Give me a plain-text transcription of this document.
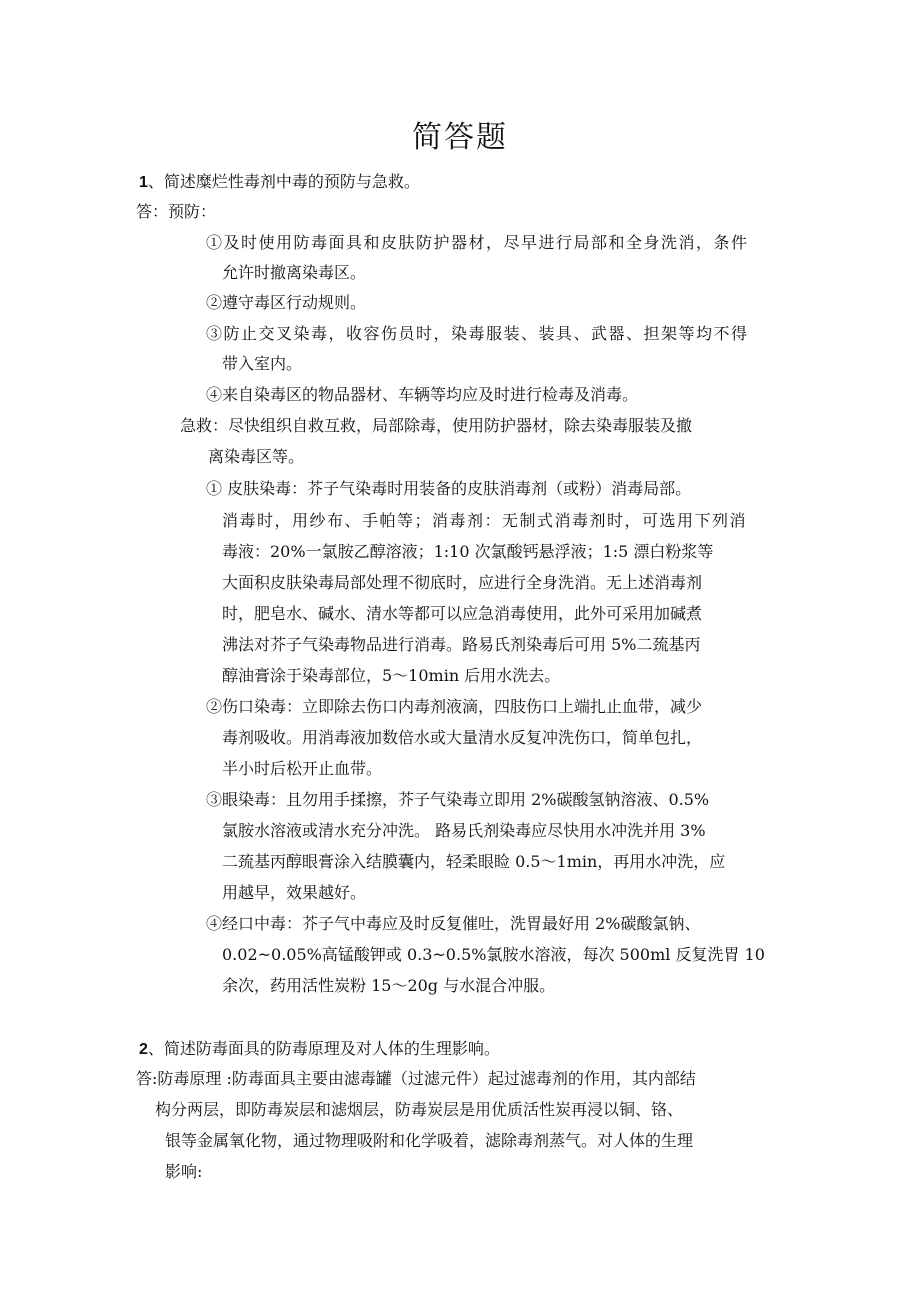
简答题
1、简述糜烂性毒剂中毒的预防与急救。
答：预防：
①及时使用防毒面具和皮肤防护器材，尽早进行局部和全身洗消，条件
允许时撤离染毒区。
②遵守毒区行动规则。
③防止交叉染毒，收容伤员时，染毒服装、装具、武器、担架等均不得
带入室内。
④来自染毒区的物品器材、车辆等均应及时进行检毒及消毒。
急救：尽快组织自救互救，局部除毒，使用防护器材，除去染毒服装及撤
离染毒区等。
① 皮肤染毒：芥子气染毒时用装备的皮肤消毒剂（或粉）消毒局部。
消毒时，用纱布、手帕等；消毒剂：无制式消毒剂时，可选用下列消
毒液：20%一氯胺乙醇溶液；1:10 次氯酸钙悬浮液；1:5 漂白粉浆等
大面积皮肤染毒局部处理不彻底时，应进行全身洗消。无上述消毒剂
时，肥皂水、碱水、清水等都可以应急消毒使用，此外可采用加碱煮
沸法对芥子气染毒物品进行消毒。路易氏剂染毒后可用 5%二巯基丙
醇油膏涂于染毒部位，5～10min 后用水洗去。
②伤口染毒：立即除去伤口内毒剂液滴，四肢伤口上端扎止血带，减少
毒剂吸收。用消毒液加数倍水或大量清水反复冲洗伤口，简单包扎，
半小时后松开止血带。
③眼染毒：且勿用手揉擦，芥子气染毒立即用 2%碳酸氢钠溶液、0.5%
氯胺水溶液或清水充分冲洗。 路易氏剂染毒应尽快用水冲洗并用 3%
二巯基丙醇眼膏涂入结膜囊内，轻柔眼睑 0.5～1min，再用水冲洗，应
用越早，效果越好。
④经口中毒：芥子气中毒应及时反复催吐，洗胃最好用 2%碳酸氯钠、
0.02~0.05%高锰酸钾或 0.3~0.5%氯胺水溶液，每次 500ml 反复洗胃 10
余次，药用活性炭粉 15～20g 与水混合冲服。
2、简述防毒面具的防毒原理及对人体的生理影响。
答:防毒原理 :防毒面具主要由滤毒罐（过滤元件）起过滤毒剂的作用，其内部结
构分两层，即防毒炭层和滤烟层，防毒炭层是用优质活性炭再浸以铜、铬、
银等金属氧化物，通过物理吸附和化学吸着，滤除毒剂蒸气。对人体的生理
影响:
